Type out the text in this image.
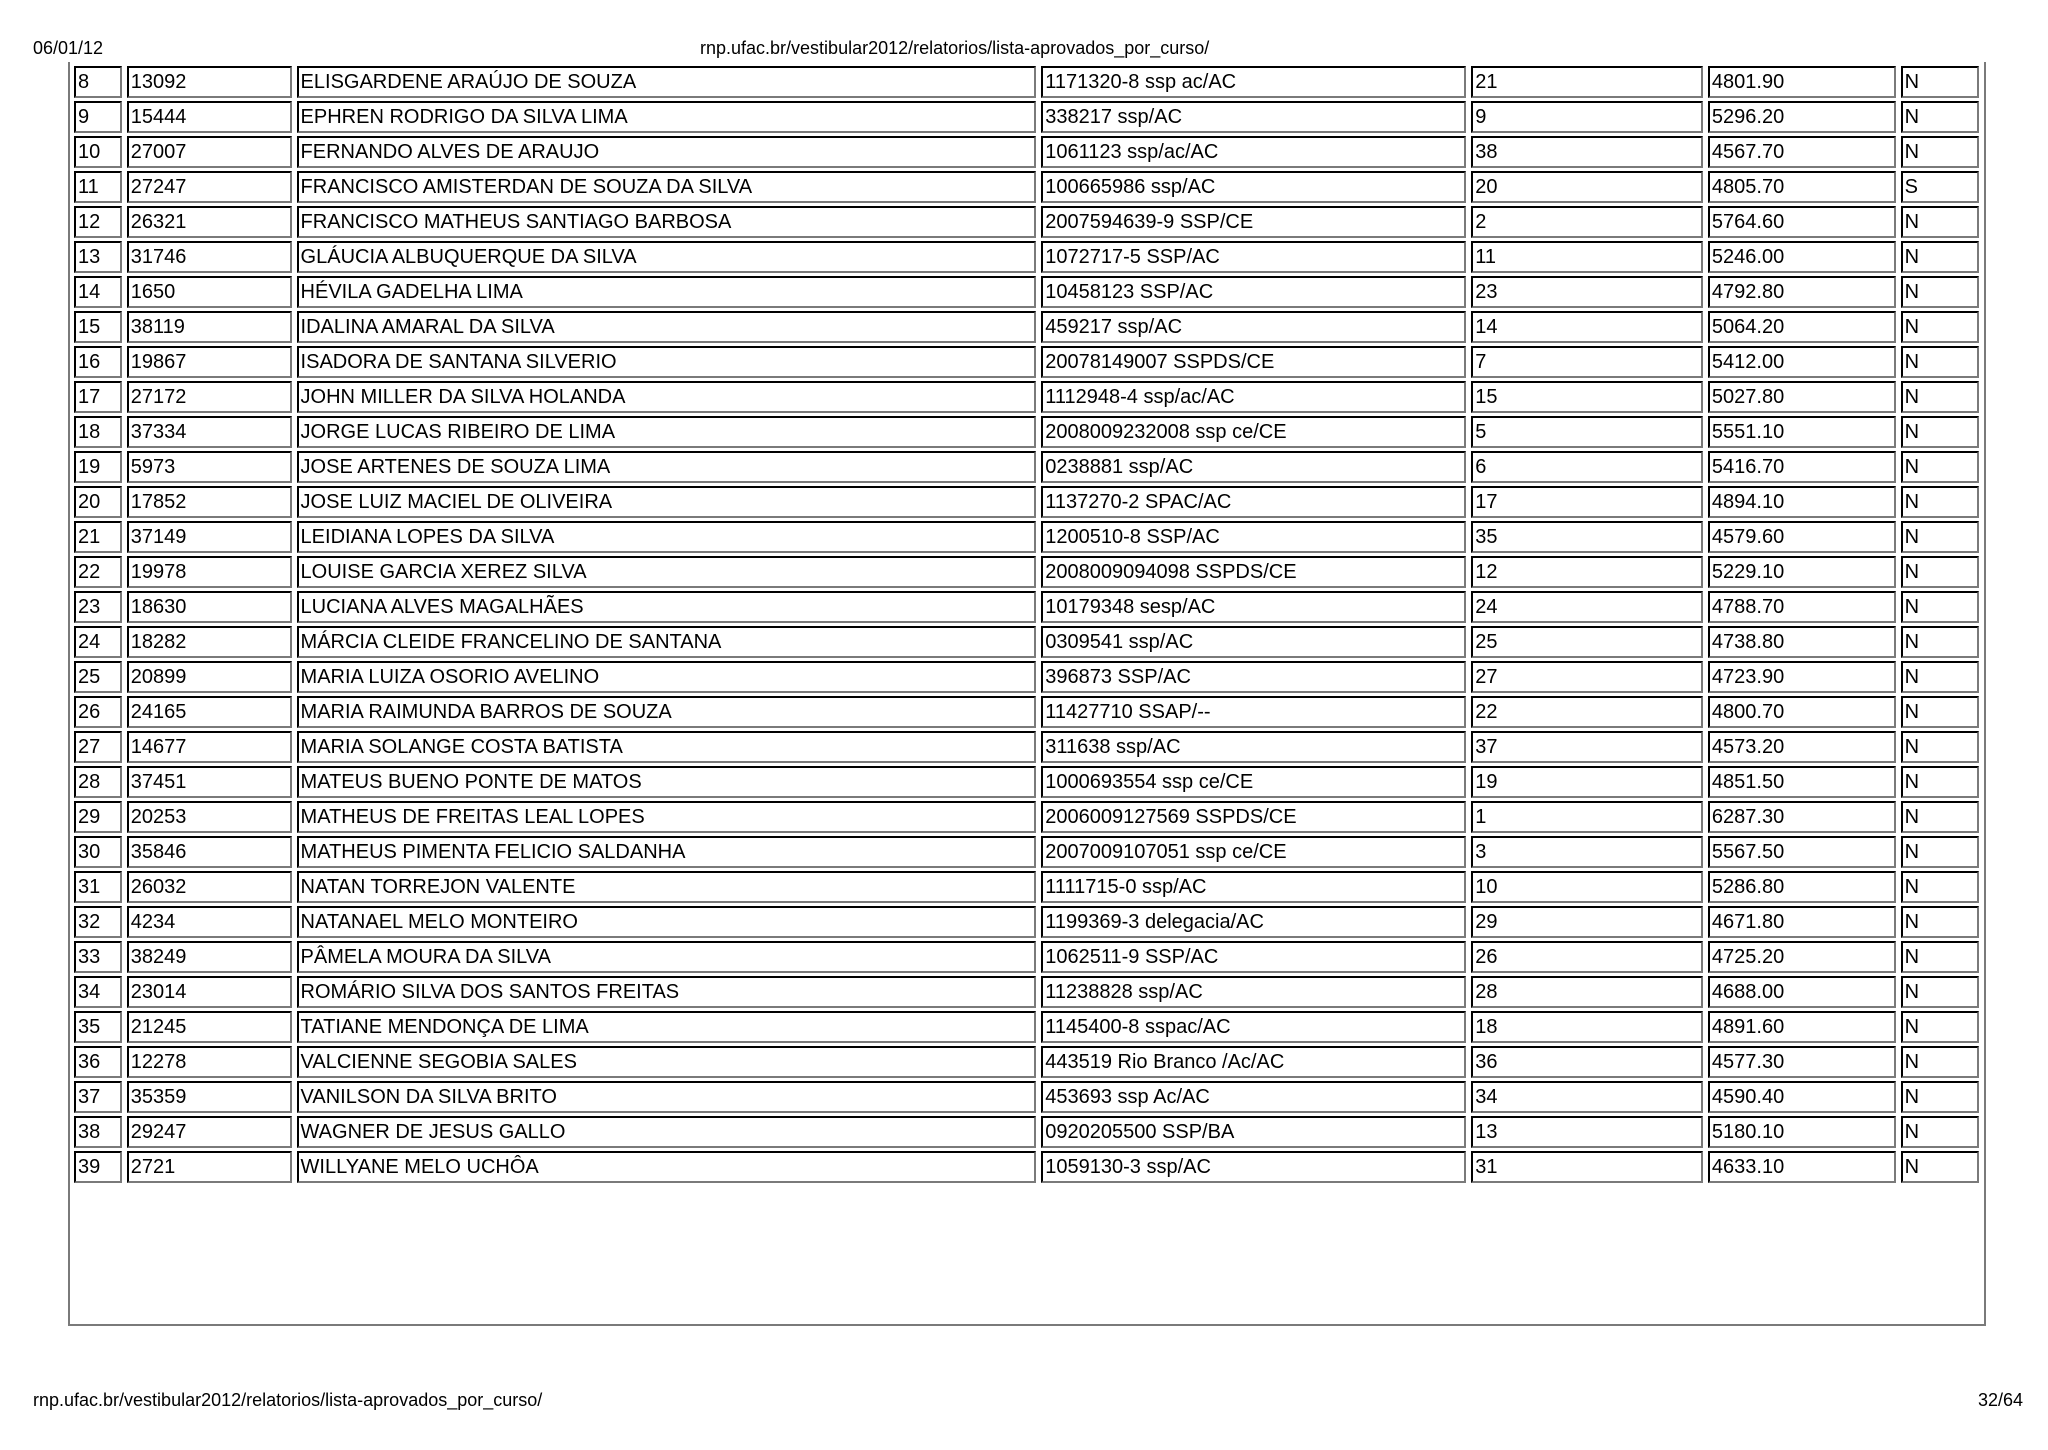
06/01/12	rnp.ufac.br/vestibular2012/relatorios/lista-aprovados_por_curso/
8	13092	ELISGARDENE ARAÚJO DE SOUZA	1171320-8 ssp ac/AC	21	4801.90	N
9	15444	EPHREN RODRIGO DA SILVA LIMA	338217 ssp/AC	9	5296.20	N
10	27007	FERNANDO ALVES DE ARAUJO	1061123 ssp/ac/AC	38	4567.70	N
11	27247	FRANCISCO AMISTERDAN DE SOUZA DA SILVA	100665986 ssp/AC	20	4805.70	S
12	26321	FRANCISCO MATHEUS SANTIAGO BARBOSA	2007594639-9 SSP/CE	2	5764.60	N
13	31746	GLÁUCIA ALBUQUERQUE DA SILVA	1072717-5 SSP/AC	11	5246.00	N
14	1650	HÉVILA GADELHA LIMA	10458123 SSP/AC	23	4792.80	N
15	38119	IDALINA AMARAL DA SILVA	459217 ssp/AC	14	5064.20	N
16	19867	ISADORA DE SANTANA SILVERIO	20078149007 SSPDS/CE	7	5412.00	N
17	27172	JOHN MILLER DA SILVA HOLANDA	1112948-4 ssp/ac/AC	15	5027.80	N
18	37334	JORGE LUCAS RIBEIRO DE LIMA	2008009232008 ssp ce/CE	5	5551.10	N
19	5973	JOSE ARTENES DE SOUZA LIMA	0238881 ssp/AC	6	5416.70	N
20	17852	JOSE LUIZ MACIEL DE OLIVEIRA	1137270-2 SPAC/AC	17	4894.10	N
21	37149	LEIDIANA LOPES DA SILVA	1200510-8 SSP/AC	35	4579.60	N
22	19978	LOUISE GARCIA XEREZ SILVA	2008009094098 SSPDS/CE	12	5229.10	N
23	18630	LUCIANA ALVES MAGALHÃES	10179348 sesp/AC	24	4788.70	N
24	18282	MÁRCIA CLEIDE FRANCELINO DE SANTANA	0309541 ssp/AC	25	4738.80	N
25	20899	MARIA LUIZA OSORIO AVELINO	396873 SSP/AC	27	4723.90	N
26	24165	MARIA RAIMUNDA BARROS DE SOUZA	11427710 SSAP/--	22	4800.70	N
27	14677	MARIA SOLANGE COSTA BATISTA	311638 ssp/AC	37	4573.20	N
28	37451	MATEUS BUENO PONTE DE MATOS	1000693554 ssp ce/CE	19	4851.50	N
29	20253	MATHEUS DE FREITAS LEAL LOPES	2006009127569 SSPDS/CE	1	6287.30	N
30	35846	MATHEUS PIMENTA FELICIO SALDANHA	2007009107051 ssp ce/CE	3	5567.50	N
31	26032	NATAN TORREJON VALENTE	1111715-0 ssp/AC	10	5286.80	N
32	4234	NATANAEL MELO MONTEIRO	1199369-3 delegacia/AC	29	4671.80	N
33	38249	PÂMELA MOURA DA SILVA	1062511-9 SSP/AC	26	4725.20	N
34	23014	ROMÁRIO SILVA DOS SANTOS FREITAS	11238828 ssp/AC	28	4688.00	N
35	21245	TATIANE MENDONÇA DE LIMA	1145400-8 sspac/AC	18	4891.60	N
36	12278	VALCIENNE SEGOBIA SALES	443519 Rio Branco /Ac/AC	36	4577.30	N
37	35359	VANILSON DA SILVA BRITO	453693 ssp Ac/AC	34	4590.40	N
38	29247	WAGNER DE JESUS GALLO	0920205500 SSP/BA	13	5180.10	N
39	2721	WILLYANE MELO UCHÔA	1059130-3 ssp/AC	31	4633.10	N
rnp.ufac.br/vestibular2012/relatorios/lista-aprovados_por_curso/	32/64
